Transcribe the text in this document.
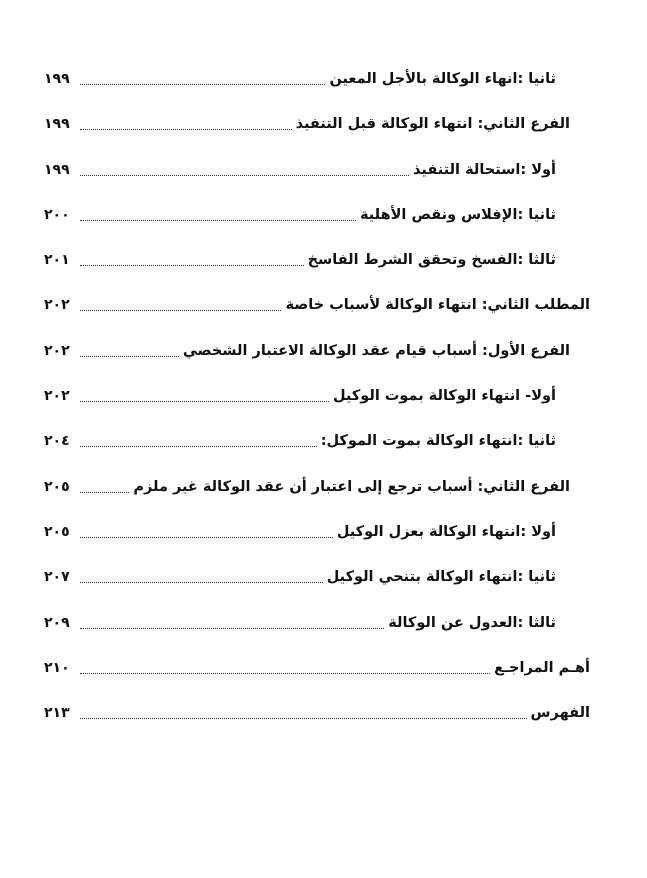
ثانيا :انهاء الوكالة بالأجل المعين
١٩٩
الفرع الثاني: انتهاء الوكالة قبل التنفيذ
١٩٩
أولا :استحالة التنفيذ
١٩٩
ثانيا :الإفلاس ونقص الأهلية
٢٠٠
ثالثا :الفسخ وتحقق الشرط الفاسخ
٢٠١
المطلب الثاني: انتهاء الوكالة لأسباب خاصة
٢٠٢
الفرع الأول: أسباب قيام عقد الوكالة الاعتبار الشخصي
٢٠٢
أولا- انتهاء الوكالة بموت الوكيل
٢٠٢
ثانيا :انتهاء الوكالة بموت الموكل:
٢٠٤
الفرع الثاني: أسباب ترجع إلى اعتبار أن عقد الوكالة غير ملزم
٢٠٥
أولا :انتهاء الوكالة بعزل الوكيل
٢٠٥
ثانيا :انتهاء الوكالة بتنحي الوكيل
٢٠٧
ثالثا :العدول عن الوكالة
٢٠٩
أهـم المراجـع
٢١٠
الفهرس
٢١٣
